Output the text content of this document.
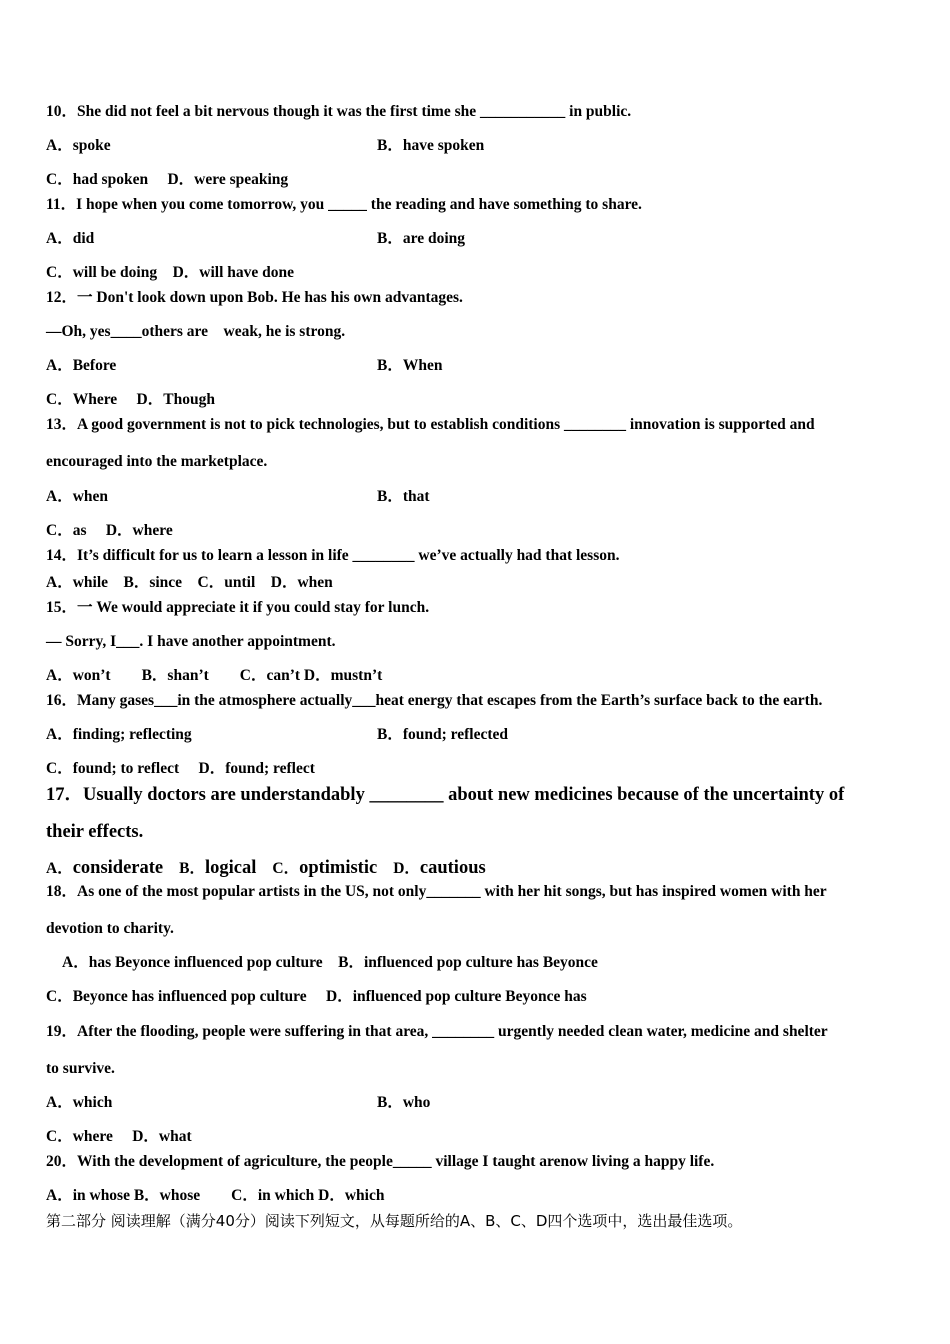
10．She did not feel a bit nervous though it was the first time she ___________ in public.
A．spoke	B．have spoken
C．had spoken　 D．were speaking
11．I hope when you come tomorrow, you _____ the reading and have something to share.
A．did	B．are doing
C．will be doing　D．will have done
12．一 Don't look down upon Bob. He has his own advantages.
—Oh, yes____others are　weak, he is strong.
A．Before	B．When
C．Where　 D．Though
13．A good government is not to pick technologies, but to establish conditions ________ innovation is supported and
encouraged into the marketplace.
A．when	B．that
C．as　 D．where
14．It’s difficult for us to learn a lesson in life ________ we’ve actually had that lesson.
A．while　B．since　C．until　D．when
15．一 We would appreciate it if you could stay for lunch.
— Sorry, I___. I have another appointment.
A．won’t　　B．shan’t　　C．can’t D．mustn’t
16．Many gases___in the atmosphere actually___heat energy that escapes from the Earth’s surface back to the earth.
A．finding; reflecting	B．found; reflected
C．found; to reflect　 D．found; reflect
17．Usually doctors are understandably ________ about new medicines because of the uncertainty of
their effects.
A．considerate B．logical C．optimistic D．cautious
18．As one of the most popular artists in the US, not only_______ with her hit songs, but has inspired women with her
devotion to charity.
A．has Beyonce influenced pop culture　B．influenced pop culture has Beyonce
C．Beyonce has influenced pop culture　 D．influenced pop culture Beyonce has
19．After the flooding, people were suffering in that area, ________ urgently needed clean water, medicine and shelter
to survive.
A．which	B．who
C．where　 D．what
20．With the development of agriculture, the people_____ village I taught arenow living a happy life.
A．in whose B．whose　　C．in which D．which
第二部分 阅读理解（满分40分）阅读下列短文，从每题所给的A、B、C、D四个选项中，选出最佳选项。
